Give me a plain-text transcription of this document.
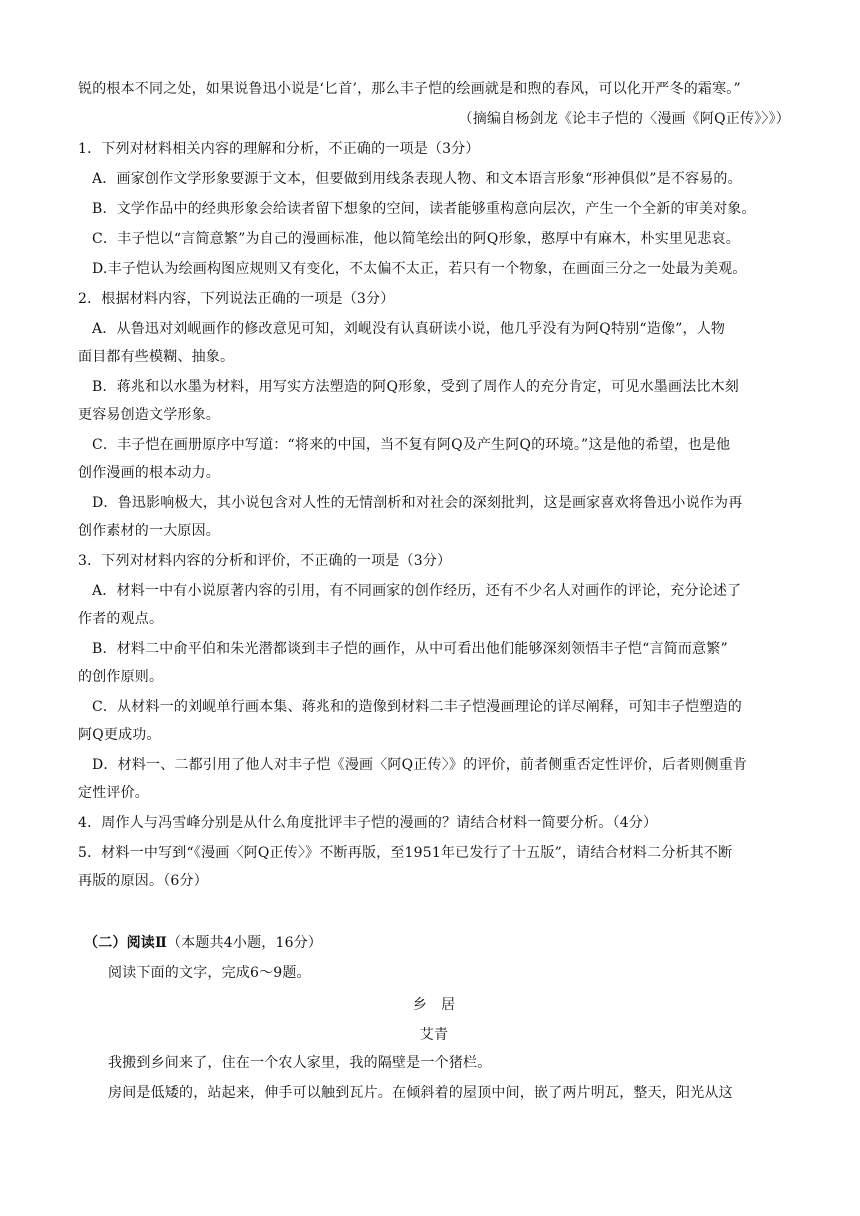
锐的根本不同之处，如果说鲁迅小说是‘匕首’，那么丰子恺的绘画就是和煦的春风，可以化开严冬的霜寒。”
（摘编自杨剑龙《论丰子恺的〈漫画《阿Q正传》〉》）
1．下列对材料相关内容的理解和分析，不正确的一项是（3分）
A．画家创作文学形象要源于文本，但要做到用线条表现人物、和文本语言形象“形神俱似”是不容易的。
B．文学作品中的经典形象会给读者留下想象的空间，读者能够重构意向层次，产生一个全新的审美对象。
C．丰子恺以“言简意繁”为自己的漫画标准，他以简笔绘出的阿Q形象，憨厚中有麻木，朴实里见悲哀。
D.丰子恺认为绘画构图应规则又有变化，不太偏不太正，若只有一个物象，在画面三分之一处最为美观。
2．根据材料内容，下列说法正确的一项是（3分）
A．从鲁迅对刘岘画作的修改意见可知，刘岘没有认真研读小说，他几乎没有为阿Q特别“造像”，人物
面目都有些模糊、抽象。
B．蒋兆和以水墨为材料，用写实方法塑造的阿Q形象，受到了周作人的充分肯定，可见水墨画法比木刻
更容易创造文学形象。
C．丰子恺在画册原序中写道：“将来的中国，当不复有阿Q及产生阿Q的环境。”这是他的希望，也是他
创作漫画的根本动力。
D．鲁迅影响极大，其小说包含对人性的无情剖析和对社会的深刻批判，这是画家喜欢将鲁迅小说作为再
创作素材的一大原因。
3．下列对材料内容的分析和评价，不正确的一项是（3分）
A．材料一中有小说原著内容的引用，有不同画家的创作经历，还有不少名人对画作的评论，充分论述了
作者的观点。
B．材料二中俞平伯和朱光潜都谈到丰子恺的画作，从中可看出他们能够深刻领悟丰子恺“言简而意繁”
的创作原则。
C．从材料一的刘岘单行画本集、蒋兆和的造像到材料二丰子恺漫画理论的详尽阐释，可知丰子恺塑造的
阿Q更成功。
D．材料一、二都引用了他人对丰子恺《漫画〈阿Q正传〉》的评价，前者侧重否定性评价，后者则侧重肯
定性评价。
4．周作人与冯雪峰分别是从什么角度批评丰子恺的漫画的？请结合材料一简要分析。（4分）
5．材料一中写到“《漫画〈阿Q正传〉》不断再版，至1951年已发行了十五版”，请结合材料二分析其不断
再版的原因。（6分）
（二）阅读Ⅱ（本题共4小题，16分）
阅读下面的文字，完成6～9题。
乡　居
艾青
我搬到乡间来了，住在一个农人家里，我的隔壁是一个猪栏。
房间是低矮的，站起来，伸手可以触到瓦片。在倾斜着的屋顶中间，嵌了两片明瓦，整天，阳光从这
